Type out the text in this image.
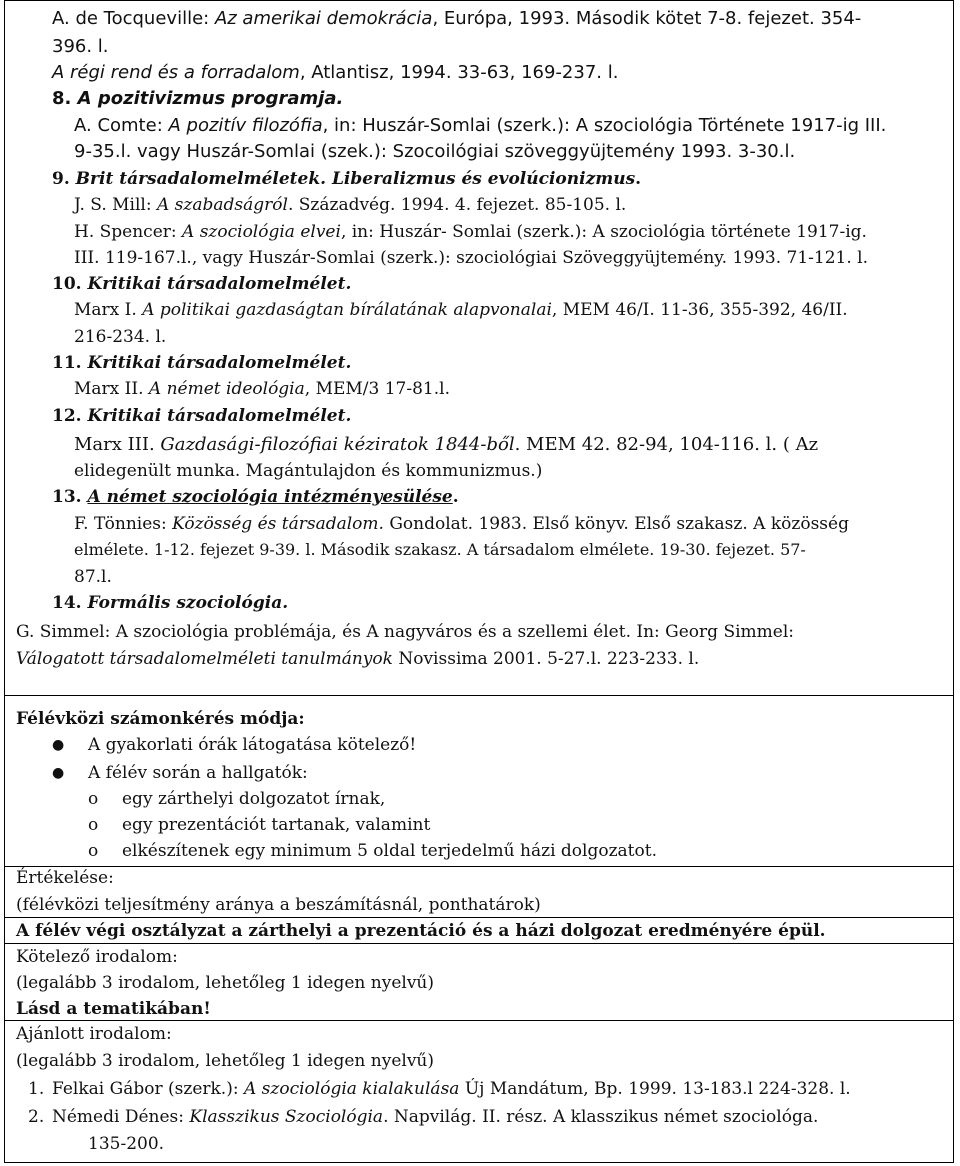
A. de Tocqueville: Az amerikai demokrácia, Európa, 1993. Második kötet 7-8. fejezet. 354-
396. l.
A régi rend és a forradalom, Atlantisz, 1994. 33-63, 169-237. l.
8. A pozitivizmus programja.
A. Comte: A pozitív filozófia, in: Huszár-Somlai (szerk.): A szociológia Története 1917-ig III.
9-35.l. vagy Huszár-Somlai (szek.): Szocoilógiai szöveggyüjtemény 1993. 3-30.l.
9. Brit társadalomelméletek. Liberalizmus és evolúcionizmus.
J. S. Mill: A szabadságról. Századvég. 1994. 4. fejezet. 85-105. l.
H. Spencer: A szociológia elvei, in: Huszár- Somlai (szerk.): A szociológia története 1917-ig.
III. 119-167.l., vagy Huszár-Somlai (szerk.): szociológiai Szöveggyüjtemény. 1993. 71-121. l.
10. Kritikai társadalomelmélet.
Marx I. A politikai gazdaságtan bírálatának alapvonalai, MEM 46/I. 11-36, 355-392, 46/II.
216-234. l.
11. Kritikai társadalomelmélet.
Marx II. A német ideológia, MEM/3 17-81.l.
12. Kritikai társadalomelmélet.
Marx III. Gazdasági-filozófiai kéziratok 1844-ből. MEM 42. 82-94, 104-116. l. ( Az
elidegenült munka. Magántulajdon és kommunizmus.)
13. A német szociológia intézményesülése.
F. Tönnies: Közösség és társadalom. Gondolat. 1983. Első könyv. Első szakasz. A közösség
elmélete. 1-12. fejezet 9-39. l. Második szakasz. A társadalom elmélete. 19-30. fejezet. 57-
87.l.
14. Formális szociológia.
G. Simmel: A szociológia problémája, és A nagyváros és a szellemi élet. In: Georg Simmel:
Válogatott társadalomelméleti tanulmányok Novissima 2001. 5-27.l. 223-233. l.
Félévközi számonkérés módja:
● A gyakorlati órák látogatása kötelező!
● A félév során a hallgatók:
o egy zárthelyi dolgozatot írnak,
o egy prezentációt tartanak, valamint
o elkészítenek egy minimum 5 oldal terjedelmű házi dolgozatot.
Értékelése:
(félévközi teljesítmény aránya a beszámításnál, ponthatárok)
A félév végi osztályzat a zárthelyi a prezentáció és a házi dolgozat eredményére épül.
Kötelező irodalom:
(legalább 3 irodalom, lehetőleg 1 idegen nyelvű)
Lásd a tematikában!
Ajánlott irodalom:
(legalább 3 irodalom, lehetőleg 1 idegen nyelvű)
1. Felkai Gábor (szerk.): A szociológia kialakulása Új Mandátum, Bp. 1999. 13-183.l 224-328. l.
2. Némedi Dénes: Klasszikus Szociológia. Napvilág. II. rész. A klasszikus német szociológa.
135-200.
